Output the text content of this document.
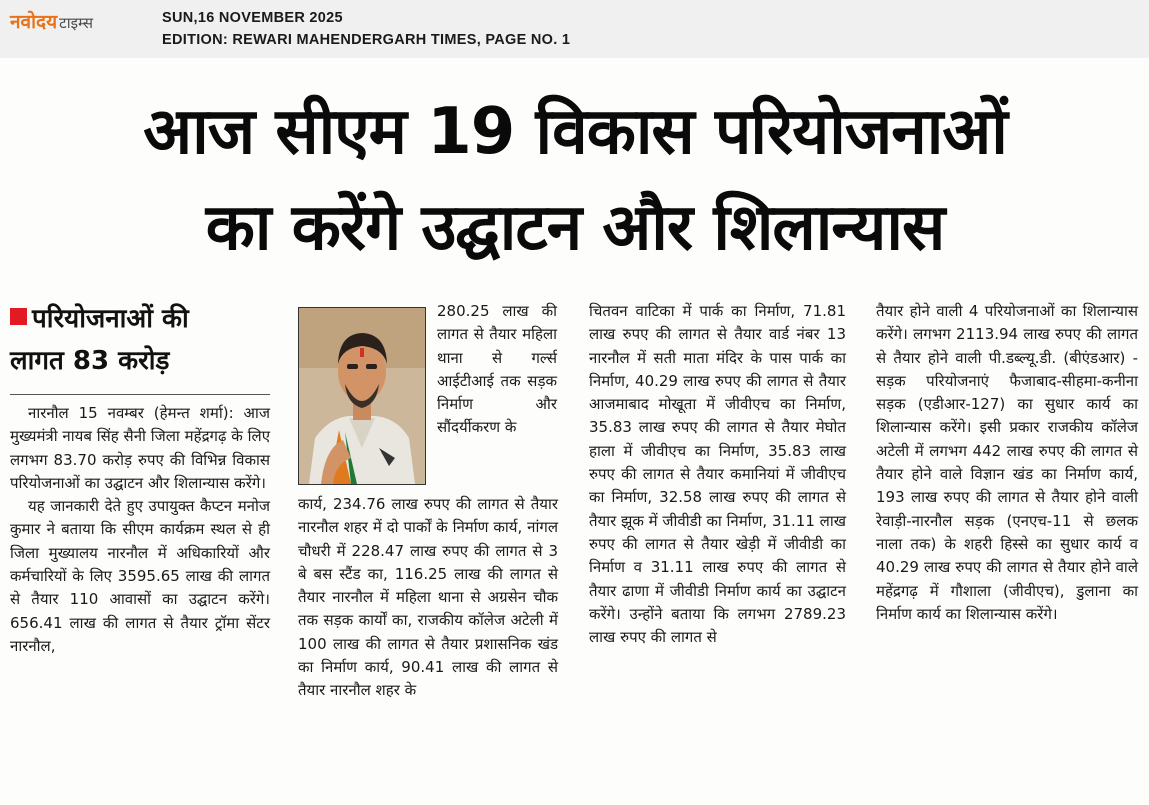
नवोदय टाइम्स	SUN,16 NOVEMBER 2025
EDITION: REWARI MAHENDERGARH TIMES, PAGE NO. 1
आज सीएम 19 विकास परियोजनाओं
का करेंगे उद्घाटन और शिलान्यास
परियोजनाओं की
लागत 83 करोड़

नारनौल 15 नवम्बर (हेमन्त शर्मा): आज मुख्यमंत्री नायब सिंह सैनी जिला महेंद्रगढ़ के लिए लगभग 83.70 करोड़ रुपए की विभिन्न विकास परियोजनाओं का उद्घाटन और शिलान्यास करेंगे।

यह जानकारी देते हुए उपायुक्त कैप्टन मनोज कुमार ने बताया कि सीएम कार्यक्रम स्थल से ही जिला मुख्यालय नारनौल में अधिकारियों और कर्मचारियों के लिए 3595.65 लाख की लागत से तैयार 110 आवासों का उद्घाटन करेंगे।656.41 लाख की लागत से तैयार ट्रॉमा सेंटर नारनौल,

280.25 लाख की लागत से तैयार महिला थाना से गर्ल्स आईटीआई तक सड़क निर्माण और सौंदर्यीकरण के

कार्य, 234.76 लाख रुपए की लागत से तैयार नारनौल शहर में दो पार्कों के निर्माण कार्य, नांगल चौधरी में 228.47 लाख रुपए की लागत से 3 बे बस स्टैंड का, 116.25 लाख की लागत से तैयार नारनौल में महिला थाना से अग्रसेन चौक तक सड़क कार्यों का, राजकीय कॉलेज अटेली में 100 लाख की लागत से तैयार प्रशासनिक खंड का निर्माण कार्य, 90.41 लाख की लागत से तैयार नारनौल शहर के

चितवन वाटिका में पार्क का निर्माण, 71.81 लाख रुपए की लागत से तैयार वार्ड नंबर 13 नारनौल में सती माता मंदिर के पास पार्क का निर्माण, 40.29 लाख रुपए की लागत से तैयार आजमाबाद मोखूता में जीवीएच का निर्माण, 35.83 लाख रुपए की लागत से तैयार मेघोत हाला में जीवीएच का निर्माण, 35.83 लाख रुपए की लागत से तैयार कमानियां में जीवीएच का निर्माण, 32.58 लाख रुपए की लागत से तैयार झूक में जीवीडी का निर्माण, 31.11 लाख रुपए की लागत से तैयार खेड़ी में जीवीडी का निर्माण व 31.11 लाख रुपए की लागत से तैयार ढाणा में जीवीडी निर्माण कार्य का उद्घाटन करेंगे। उन्होंने बताया कि लगभग 2789.23 लाख रुपए की लागत से

तैयार होने वाली 4 परियोजनाओं का शिलान्यास करेंगे। लगभग 2113.94 लाख रुपए की लागत से तैयार होने वाली पी.डब्ल्यू.डी. (बीएंडआर) - सड़क परियोजनाएं फैजाबाद-सीहमा-कनीना सड़क (एडीआर-127) का सुधार कार्य का शिलान्यास करेंगे। इसी प्रकार राजकीय कॉलेज अटेली में लगभग 442 लाख रुपए की लागत से तैयार होने वाले विज्ञान खंड का निर्माण कार्य, 193 लाख रुपए की लागत से तैयार होने वाली रेवाड़ी-नारनौल सड़क (एनएच-11 से छलक नाला तक) के शहरी हिस्से का सुधार कार्य व 40.29 लाख रुपए की लागत से तैयार होने वाले महेंद्रगढ़ में गौशाला (जीवीएच), डुलाना का निर्माण कार्य का शिलान्यास करेंगे।
